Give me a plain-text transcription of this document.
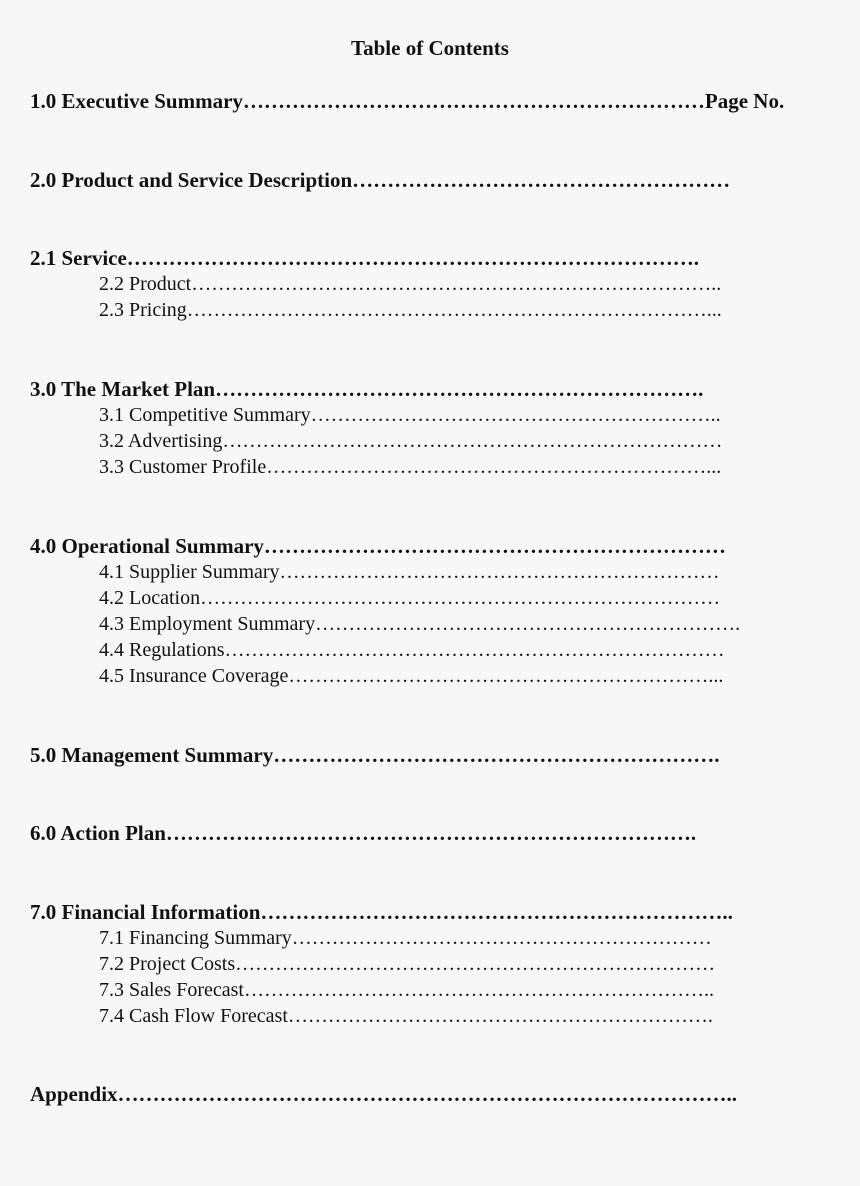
Table of Contents
1.0 Executive Summary…………………………………………………………Page No.
2.0 Product and Service Description………………………………………………
2.1 Service……………………………………………………………………….
2.2 Product……………………………………………………………………..
2.3 Pricing……………………………………………………………………...
3.0 The Market Plan…………………………………………………………….
3.1 Competitive Summary……………………………………………………..
3.2 Advertising…………………………………………………………………
3.3 Customer Profile…………………………………………………………...
4.0 Operational Summary…………………………………………………………
4.1 Supplier Summary…………………………………………………………
4.2 Location……………………………………………………………………
4.3 Employment Summary……………………………………………………….
4.4 Regulations…………………………………………………………………
4.5 Insurance Coverage………………………………………………………...
5.0 Management Summary……………………………………………………….
6.0 Action Plan………………………………………………………………….
7.0 Financial Information…………………………………………………………..
7.1 Financing Summary………………………………………………………
7.2 Project Costs………………………………………………………………
7.3 Sales Forecast……………………………………………………………..
7.4 Cash Flow Forecast……………………………………………………….
Appendix……………………………………………………………………………..
